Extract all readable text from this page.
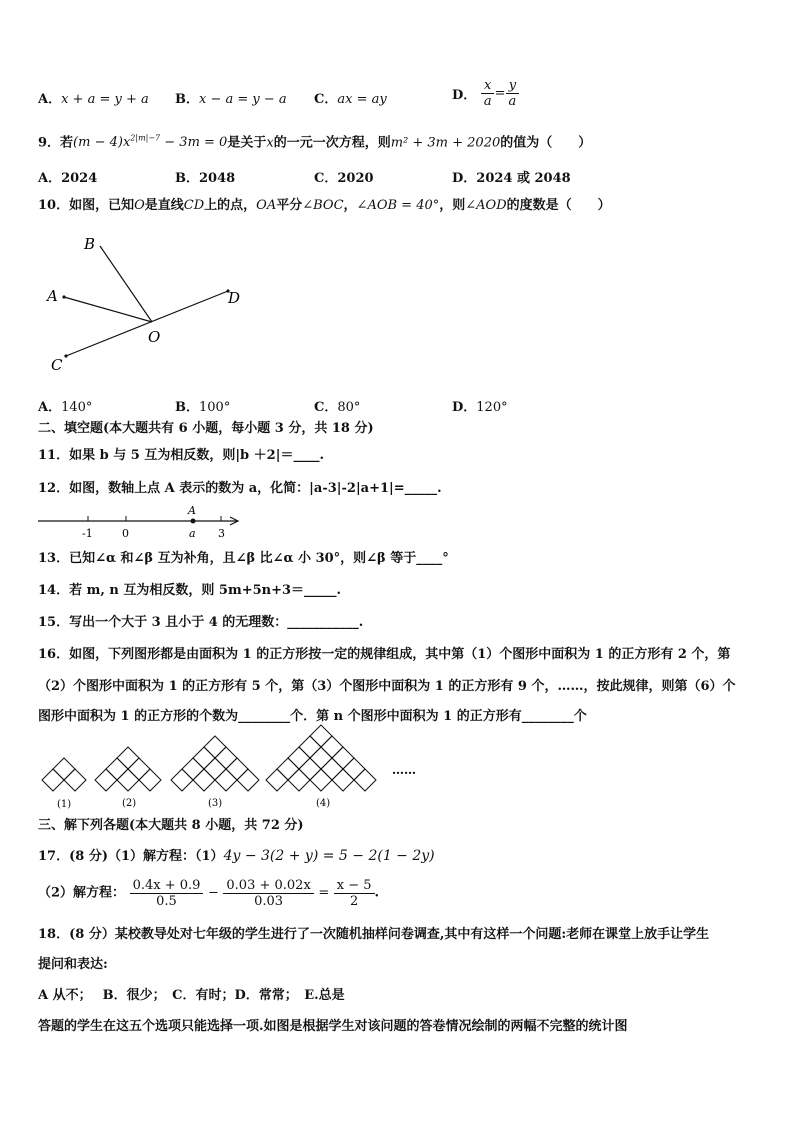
A．x + a = y + a B．x − a = y − a C．ax = ay	D． $\frac{x}{a} = \frac{y}{a}$
9．若$(m - 4)x^{2|m|-7} - 3m = 0$是关于x的一元一次方程，则m² + 3m + 2020的值为（　　）
A．2024	B．2048	C．2020	D．2024 或 2048
10．如图，已知O是直线CD上的点，OA平分∠BOC，∠AOB = 40°，则∠AOD的度数是（　　）
B
A	D
O
C
A．140°	B．100°	C．80°	D．120°
二、填空题(本大题共有 6 小题，每小题 3 分，共 18 分)
11．如果 b 与 5 互为相反数，则|b ＋2|＝____.
12．如图，数轴上点 A 表示的数为 a，化简：|a-3|-2|a+1|=_____.
-1	0
A
a 3
13．已知∠α 和∠β 互为补角，且∠β 比∠α 小 30°，则∠β 等于____°
14．若 m, n 互为相反数，则 5m+5n+3＝_____.
15．写出一个大于 3 且小于 4 的无理数：___________.
16．如图，下列图形都是由面积为 1 的正方形按一定的规律组成，其中第（1）个图形中面积为 1 的正方形有 2 个，第
（2）个图形中面积为 1 的正方形有 5 个，第（3）个图形中面积为 1 的正方形有 9 个，……，按此规律，则第（6）个
图形中面积为 1 的正方形的个数为________个．第 n 个图形中面积为 1 的正方形有________个
(1)	(2)	(3)	(4)
……
三、解下列各题(本大题共 8 小题，共 72 分)
17．(8 分)（1）解方程：（1）4y − 3(2 + y) = 5 − 2(1 − 2y)
（2）解方程： $\frac{0.4x + 0.9}{0.5} - \frac{0.03 + 0.02x}{0.03} = \frac{x - 5}{2}$ .
18．(8 分）某校教导处对七年级的学生进行了一次随机抽样问卷调查,其中有这样一个问题:老师在课堂上放手让学生
提问和表达:
A 从不；　 B．很少；　C．有时；D．常常；　E.总是
答题的学生在这五个选项只能选择一项.如图是根据学生对该问题的答卷情况绘制的两幅不完整的统计图
